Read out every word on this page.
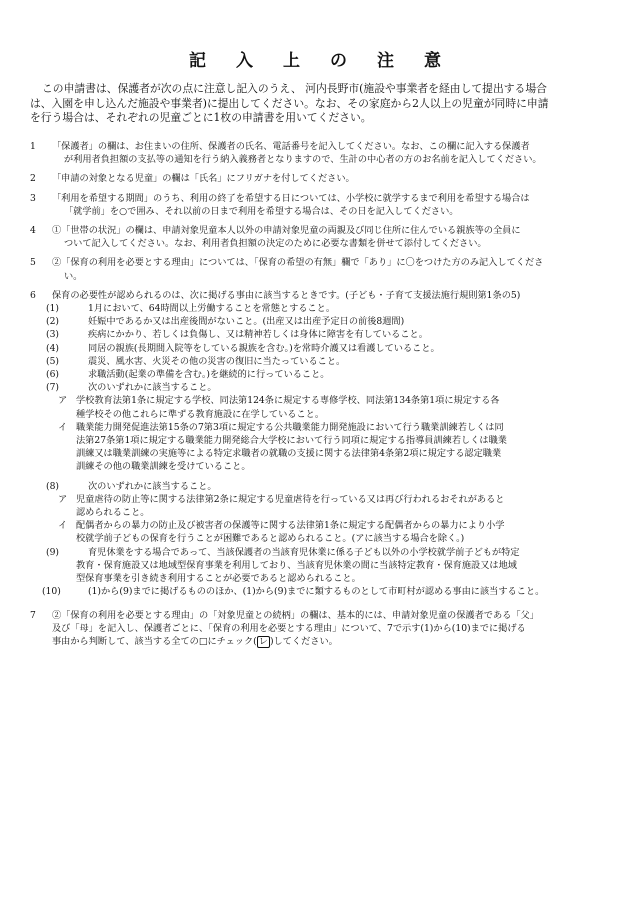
記入上の注意
この申請書は、保護者が次の点に注意し記入のうえ、 河内長野市(施設や事業者を経由して提出する場合
は、入園を申し込んだ施設や事業者)に提出してください。なお、その家庭から2人以上の児童が同時に申請
を行う場合は、それぞれの児童ごとに1枚の申請書を用いてください。
1	「保護者」の欄は、お住まいの住所、保護者の氏名、電話番号を記入してください。なお、この欄に記入する保護者
が利用者負担額の支払等の通知を行う納入義務者となりますので、生計の中心者の方のお名前を記入してください。
2	「申請の対象となる児童」の欄は「氏名」にフリガナを付してください。
3	「利用を希望する期間」のうち、利用の終了を希望する日については、小学校に就学するまで利用を希望する場合は
「就学前」を○で囲み、それ以前の日まで利用を希望する場合は、その日を記入してください。
4	①「世帯の状況」の欄は、申請対象児童本人以外の申請対象児童の両親及び同じ住所に住んでいる親族等の全員に
ついて記入してください。なお、利用者負担額の決定のために必要な書類を併せて添付してください。
5	②「保育の利用を必要とする理由」については、「保育の希望の有無」欄で「あり」に〇をつけた方のみ記入してくださ
い。
6	保育の必要性が認められるのは、次に掲げる事由に該当するときです。(子ども・子育て支援法施行規則第1条の5)
(1)	1月において、64時間以上労働することを常態とすること。
(2)	妊娠中であるか又は出産後間がないこと。(出産又は出産予定日の前後8週間)
(3)	疾病にかかり、若しくは負傷し、又は精神若しくは身体に障害を有していること。
(4)	同居の親族(長期間入院等をしている親族を含む。)を常時介護又は看護していること。
(5)	震災、風水害、火災その他の災害の復旧に当たっていること。
(6)	求職活動(起業の準備を含む。)を継続的に行っていること。
(7)	次のいずれかに該当すること。
ア 学校教育法第1条に規定する学校、同法第124条に規定する専修学校、同法第134条第1項に規定する各
種学校その他これらに準ずる教育施設に在学していること。
イ 職業能力開発促進法第15条の7第3項に規定する公共職業能力開発施設において行う職業訓練若しくは同
法第27条第1項に規定する職業能力開発総合大学校において行う同項に規定する指導員訓練若しくは職業
訓練又は職業訓練の実施等による特定求職者の就職の支援に関する法律第4条第2項に規定する認定職業
訓練その他の職業訓練を受けていること。
(8)	次のいずれかに該当すること。
ア 児童虐待の防止等に関する法律第2条に規定する児童虐待を行っている又は再び行われるおそれがあると
認められること。
イ 配偶者からの暴力の防止及び被害者の保護等に関する法律第1条に規定する配偶者からの暴力により小学
校就学前子どもの保育を行うことが困難であると認められること。(アに該当する場合を除く。)
(9)	育児休業をする場合であって、当該保護者の当該育児休業に係る子ども以外の小学校就学前子どもが特定
教育・保育施設又は地域型保育事業を利用しており、当該育児休業の間に当該特定教育・保育施設又は地域
型保育事業を引き続き利用することが必要であると認められること。
(10)	(1)から(9)までに掲げるもののほか、(1)から(9)までに類するものとして市町村が認める事由に該当すること。
7	②「保育の利用を必要とする理由」の「対象児童との続柄」の欄は、基本的には、申請対象児童の保護者である「父」
及び「母」を記入し、保護者ごとに、「保育の利用を必要とする理由」について、7で示す(1)から(10)までに掲げる
事由から判断して、該当する全ての□にチェック( レ )してください。
